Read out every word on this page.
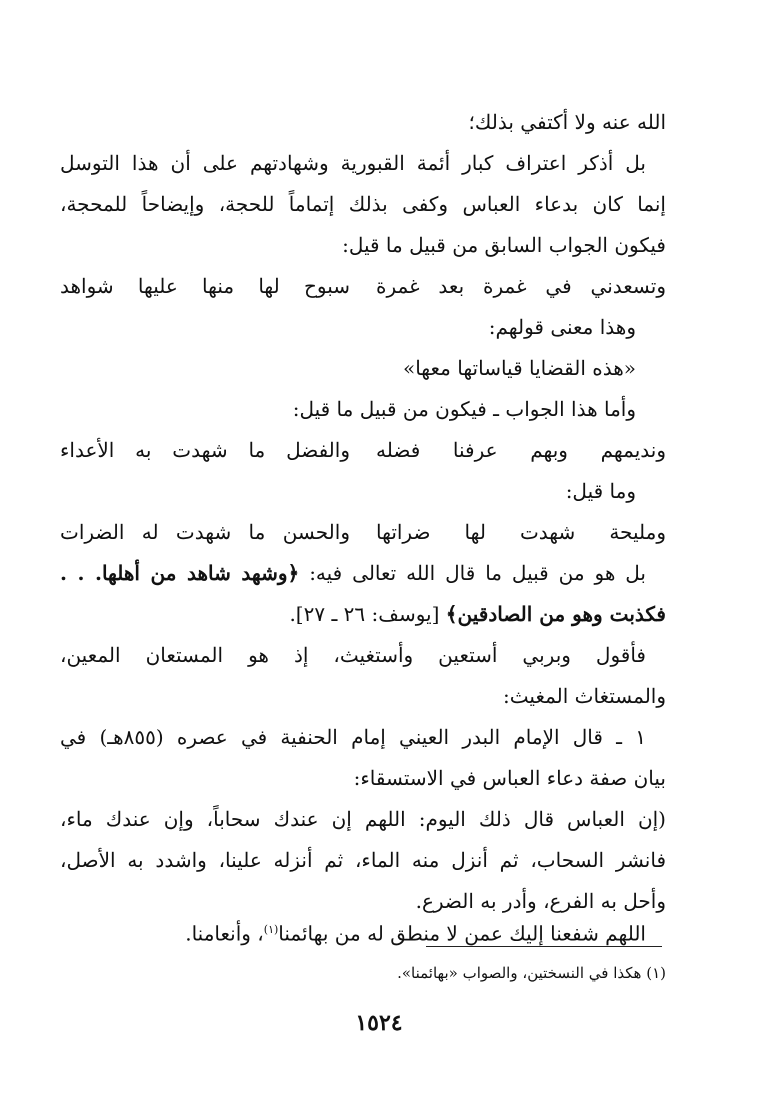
الله عنه ولا أكتفي بذلك؛
بل أذكر اعتراف كبار أئمة القبورية وشهادتهم على أن هذا التوسل
إنما كان بدعاء العباس وكفى بذلك إتماماً للحجة، وإيضاحاً للمحجة،
فيكون الجواب السابق من قبيل ما قيل:
وتسعدني في غمرة بعد غمرة
سبوح لها منها عليها شواهد
وهذا معنى قولهم:
«هذه القضايا قياساتها معها»
وأما هذا الجواب ـ فيكون من قبيل ما قيل:
ونديمهم وبهم عرفنا فضله
والفضل ما شهدت به الأعداء
وما قيل:
ومليحة شهدت لها ضراتها
والحسن ما شهدت له الضرات
بل هو من قبيل ما قال الله تعالى فيه: ﴿وشهد شاهد من أهلها. . .
فكذبت وهو من الصادقين﴾ [يوسف: ٢٦ ـ ٢٧].
فأقول وبربي أستعين وأستغيث، إذ هو المستعان المعين،
والمستغاث المغيث:
١ ـ قال الإمام البدر العيني إمام الحنفية في عصره (٨٥٥هـ) في
بيان صفة دعاء العباس في الاستسقاء:
(إن العباس قال ذلك اليوم: اللهم إن عندك سحاباً، وإن عندك ماء،
فانشر السحاب، ثم أنزل منه الماء، ثم أنزله علينا، واشدد به الأصل،
وأحل به الفرع، وأدر به الضرع.
اللهم شفعنا إليك عمن لا منطق له من بهائمنا$^{(١)}$، وأنعامنا.
(١) هكذا في النسختين، والصواب «بهائمنا».
١٥٢٤
